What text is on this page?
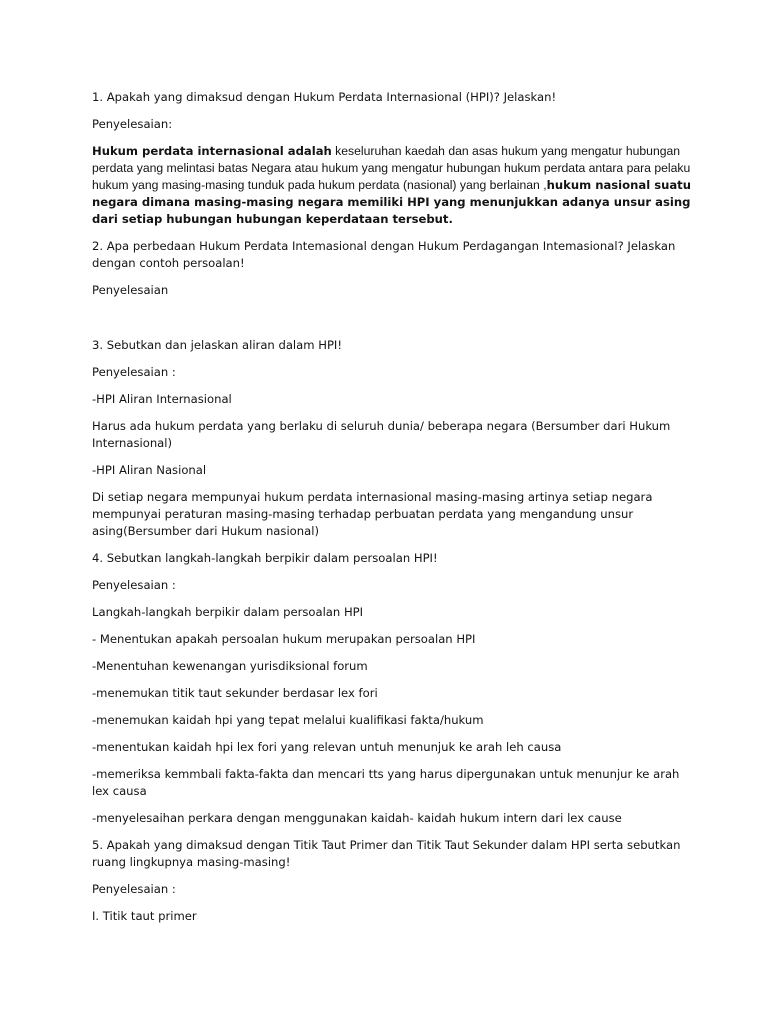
1. Apakah yang dimaksud dengan Hukum Perdata Internasional (HPI)? Jelaskan!

Penyelesaian:

Hukum perdata internasional adalah keseluruhan kaedah dan asas hukum yang mengatur hubungan perdata yang melintasi batas Negara atau hukum yang mengatur hubungan hukum perdata antara para pelaku hukum yang masing-masing tunduk pada hukum perdata (nasional) yang berlainan ,hukum nasional suatu negara dimana masing-masing negara memiliki HPI yang menunjukkan adanya unsur asing dari setiap hubungan hubungan keperdataan tersebut.

2. Apa perbedaan Hukum Perdata Intemasional dengan Hukum Perdagangan Intemasional? Jelaskan dengan contoh persoalan!

Penyelesaian

3. Sebutkan dan jelaskan aliran dalam HPI!

Penyelesaian :

-HPI Aliran Internasional

Harus ada hukum perdata yang berlaku di seluruh dunia/ beberapa negara (Bersumber dari Hukum Internasional)

-HPI Aliran Nasional

Di setiap negara mempunyai hukum perdata internasional masing-masing artinya setiap negara mempunyai peraturan masing-masing terhadap perbuatan perdata yang mengandung unsur asing(Bersumber dari Hukum nasional)

4. Sebutkan langkah-langkah berpikir dalam persoalan HPI!

Penyelesaian :

Langkah-langkah berpikir dalam persoalan HPI

- Menentukan apakah persoalan hukum merupakan persoalan HPI

-Menentuhan kewenangan yurisdiksional forum

-menemukan titik taut sekunder berdasar lex fori

-menemukan kaidah hpi yang tepat melalui kualifikasi fakta/hukum

-menentukan kaidah hpi lex fori yang relevan untuh menunjuk ke arah leh causa

-memeriksa kemmbali fakta-fakta dan mencari tts yang harus dipergunakan untuk menunjur ke arah lex causa

-menyelesaihan perkara dengan menggunakan kaidah- kaidah hukum intern dari lex cause

5. Apakah yang dimaksud dengan Titik Taut Primer dan Titik Taut Sekunder dalam HPI serta sebutkan ruang lingkupnya masing-masing!

Penyelesaian :

I. Titik taut primer
